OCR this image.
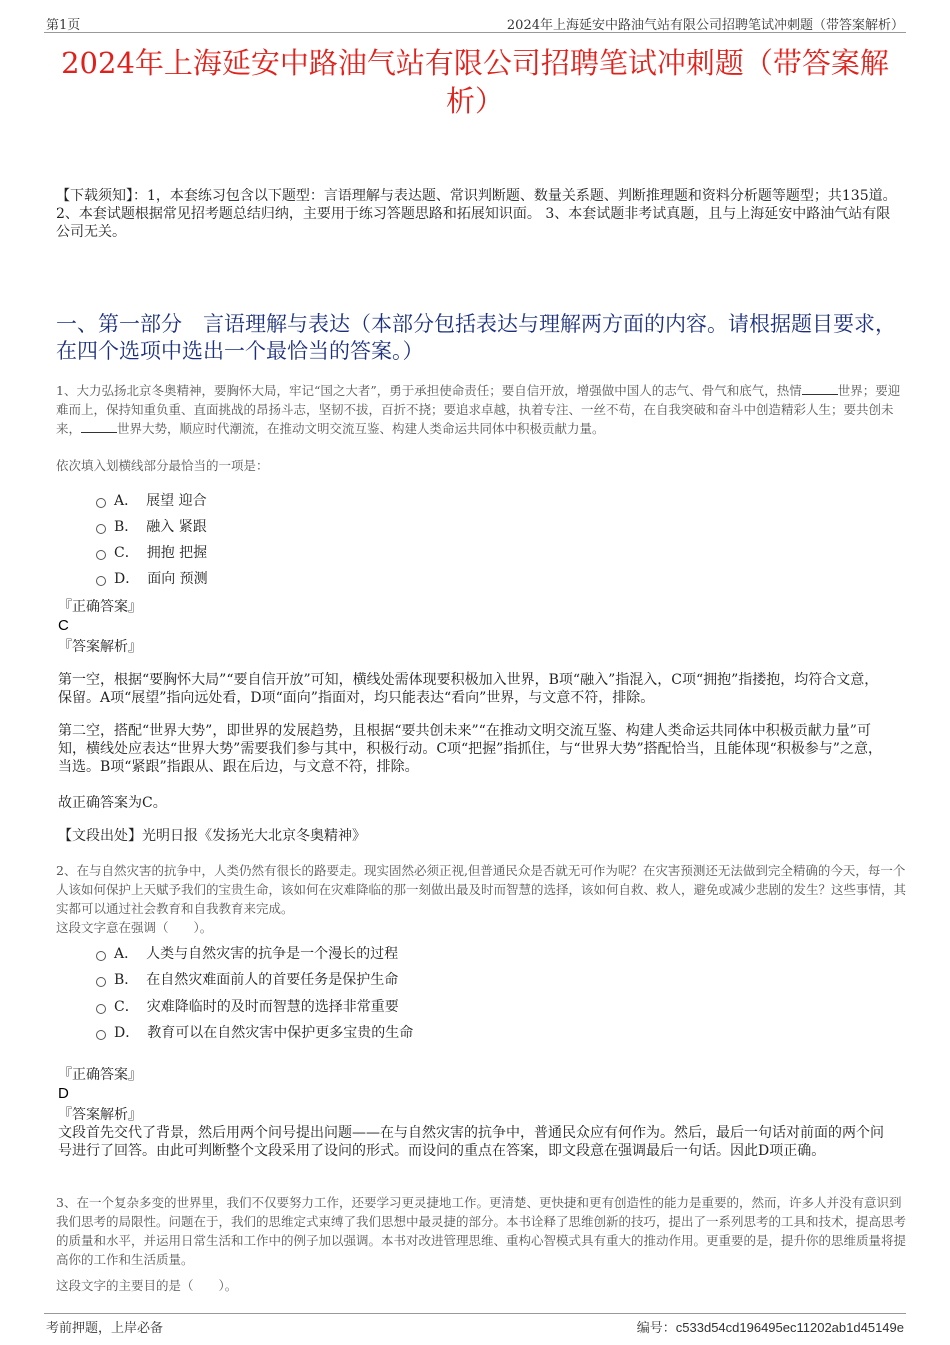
第1页	2024年上海延安中路油气站有限公司招聘笔试冲刺题（带答案解析）
2024年上海延安中路油气站有限公司招聘笔试冲刺题（带答案解析）

【下载须知】：1，本套练习包含以下题型：言语理解与表达题、常识判断题、数量关系题、判断推理题和资料分析题等题型；共135道。 2、本套试题根据常见招考题总结归纳，主要用于练习答题思路和拓展知识面。 3、本套试题非考试真题，且与上海延安中路油气站有限公司无关。

一、第一部分　言语理解与表达（本部分包括表达与理解两方面的内容。请根据题目要求，在四个选项中选出一个最恰当的答案。）

1、大力弘扬北京冬奥精神，要胸怀大局，牢记“国之大者”，勇于承担使命责任；要自信开放，增强做中国人的志气、骨气和底气，热情	世界；要迎难而上，保持知重负重、直面挑战的昂扬斗志，坚韧不拔，百折不挠；要追求卓越，执着专注、一丝不苟，在自我突破和奋斗中创造精彩人生；要共创未来，	世界大势，顺应时代潮流，在推动文明交流互鉴、构建人类命运共同体中积极贡献力量。

依次填入划横线部分最恰当的一项是：

A． 展望 迎合
B． 融入 紧跟
C． 拥抱 把握
D． 面向 预测
『正确答案』
C
『答案解析』

第一空，根据“要胸怀大局”“要自信开放”可知，横线处需体现要积极加入世界，B项“融入”指混入，C项“拥抱”指搂抱，均符合文意，保留。A项“展望”指向远处看，D项“面向”指面对，均只能表达“看向”世界，与文意不符，排除。

第二空，搭配“世界大势”，即世界的发展趋势，且根据“要共创未来”“在推动文明交流互鉴、构建人类命运共同体中积极贡献力量”可知，横线处应表达“世界大势”需要我们参与其中，积极行动。C项“把握”指抓住，与“世界大势”搭配恰当，且能体现“积极参与”之意，当选。B项“紧跟”指跟从、跟在后边，与文意不符，排除。

故正确答案为C。

【文段出处】光明日报《发扬光大北京冬奥精神》

2、在与自然灾害的抗争中，人类仍然有很长的路要走。现实固然必须正视,但普通民众是否就无可作为呢？在灾害预测还无法做到完全精确的今天，每一个人该如何保护上天赋予我们的宝贵生命，该如何在灾难降临的那一刻做出最及时而智慧的选择，该如何自救、救人，避免或减少悲剧的发生？这些事情，其实都可以通过社会教育和自我教育来完成。

这段文字意在强调（　　）。

A． 人类与自然灾害的抗争是一个漫长的过程
B． 在自然灾难面前人的首要任务是保护生命
C． 灾难降临时的及时而智慧的选择非常重要
D． 教育可以在自然灾害中保护更多宝贵的生命
『正确答案』
D
『答案解析』

文段首先交代了背景，然后用两个问号提出问题——在与自然灾害的抗争中，普通民众应有何作为。然后，最后一句话对前面的两个问号进行了回答。由此可判断整个文段采用了设问的形式。而设问的重点在答案，即文段意在强调最后一句话。因此D项正确。

3、在一个复杂多变的世界里，我们不仅要努力工作，还要学习更灵捷地工作。更清楚、更快捷和更有创造性的能力是重要的，然而，许多人并没有意识到我们思考的局限性。问题在于，我们的思维定式束缚了我们思想中最灵捷的部分。本书诠释了思维创新的技巧，提出了一系列思考的工具和技术，提高思考的质量和水平，并运用日常生活和工作中的例子加以强调。本书对改进管理思维、重构心智模式具有重大的推动作用。更重要的是，提升你的思维质量将提高你的工作和生活质量。

这段文字的主要目的是（　　）。

考前押题，上岸必备	编号：c533d54cd196495ec11202ab1d45149e
